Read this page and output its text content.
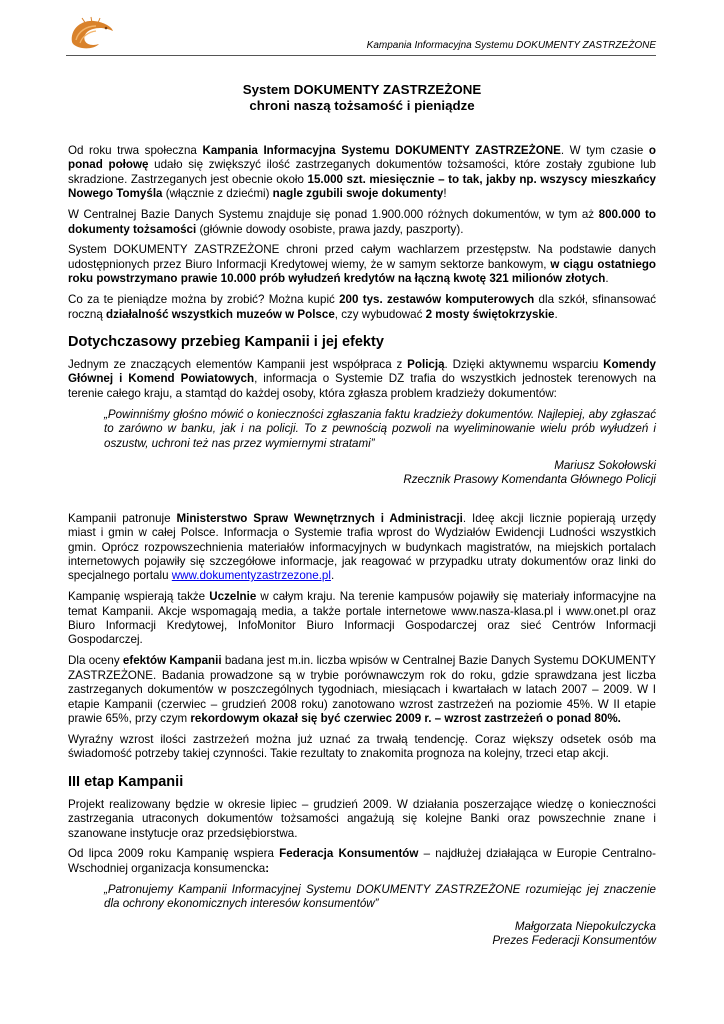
Kampania Informacyjna Systemu DOKUMENTY ZASTRZEŻONE
System DOKUMENTY ZASTRZEŻONE
chroni naszą tożsamość i pieniądze

Od roku trwa społeczna Kampania Informacyjna Systemu DOKUMENTY ZASTRZEŻONE. W tym czasie o ponad połowę udało się zwiększyć ilość zastrzeganych dokumentów tożsamości, które zostały zgubione lub skradzione. Zastrzeganych jest obecnie około 15.000 szt. miesięcznie – to tak, jakby np. wszyscy mieszkańcy Nowego Tomyśla (włącznie z dziećmi) nagle zgubili swoje dokumenty!

W Centralnej Bazie Danych Systemu znajduje się ponad 1.900.000 różnych dokumentów, w tym aż 800.000 to dokumenty tożsamości (głównie dowody osobiste, prawa jazdy, paszporty).

System DOKUMENTY ZASTRZEŻONE chroni przed całym wachlarzem przestępstw. Na podstawie danych udostępnionych przez Biuro Informacji Kredytowej wiemy, że w samym sektorze bankowym, w ciągu ostatniego roku powstrzymano prawie 10.000 prób wyłudzeń kredytów na łączną kwotę 321 milionów złotych.

Co za te pieniądze można by zrobić? Można kupić 200 tys. zestawów komputerowych dla szkół, sfinansować roczną działalność wszystkich muzeów w Polsce, czy wybudować 2 mosty świętokrzyskie.

Dotychczasowy przebieg Kampanii i jej efekty

Jednym ze znaczących elementów Kampanii jest współpraca z Policją. Dzięki aktywnemu wsparciu Komendy Głównej i Komend Powiatowych, informacja o Systemie DZ trafia do wszystkich jednostek terenowych na terenie całego kraju, a stamtąd do każdej osoby, która zgłasza problem kradzieży dokumentów:

„Powinniśmy głośno mówić o konieczności zgłaszania faktu kradzieży dokumentów. Najlepiej, aby zgłaszać to zarówno w banku, jak i na policji. To z pewnością pozwoli na wyeliminowanie wielu prób wyłudzeń i oszustw, uchroni też nas przez wymiernymi stratami”
Mariusz Sokołowski
Rzecznik Prasowy Komendanta Głównego Policji

Kampanii patronuje Ministerstwo Spraw Wewnętrznych i Administracji. Ideę akcji licznie popierają urzędy miast i gmin w całej Polsce. Informacja o Systemie trafia wprost do Wydziałów Ewidencji Ludności wszystkich gmin. Oprócz rozpowszechnienia materiałów informacyjnych w budynkach magistratów, na miejskich portalach internetowych pojawiły się szczegółowe informacje, jak reagować w przypadku utraty dokumentów oraz linki do specjalnego portalu www.dokumentyzastrzezone.pl.

Kampanię wspierają także Uczelnie w całym kraju. Na terenie kampusów pojawiły się materiały informacyjne na temat Kampanii. Akcje wspomagają media, a także portale internetowe www.nasza-klasa.pl i www.onet.pl oraz Biuro Informacji Kredytowej, InfoMonitor Biuro Informacji Gospodarczej oraz sieć Centrów Informacji Gospodarczej.

Dla oceny efektów Kampanii badana jest m.in. liczba wpisów w Centralnej Bazie Danych Systemu DOKUMENTY ZASTRZEŻONE. Badania prowadzone są w trybie porównawczym rok do roku, gdzie sprawdzana jest liczba zastrzeganych dokumentów w poszczególnych tygodniach, miesiącach i kwartałach w latach 2007 – 2009. W I etapie Kampanii (czerwiec – grudzień 2008 roku) zanotowano wzrost zastrzeżeń na poziomie 45%. W II etapie prawie 65%, przy czym rekordowym okazał się być czerwiec 2009 r. – wzrost zastrzeżeń o ponad 80%.

Wyraźny wzrost ilości zastrzeżeń można już uznać za trwałą tendencję. Coraz większy odsetek osób ma świadomość potrzeby takiej czynności. Takie rezultaty to znakomita prognoza na kolejny, trzeci etap akcji.

III etap Kampanii

Projekt realizowany będzie w okresie lipiec – grudzień 2009. W działania poszerzające wiedzę o konieczności zastrzegania utraconych dokumentów tożsamości angażują się kolejne Banki oraz powszechnie znane i szanowane instytucje oraz przedsiębiorstwa.

Od lipca 2009 roku Kampanię wspiera Federacja Konsumentów – najdłużej działająca w Europie Centralno-Wschodniej organizacja konsumencka:

„Patronujemy Kampanii Informacyjnej Systemu DOKUMENTY ZASTRZEŻONE rozumiejąc jej znaczenie dla ochrony ekonomicznych interesów konsumentów”
Małgorzata Niepokulczycka
Prezes Federacji Konsumentów
